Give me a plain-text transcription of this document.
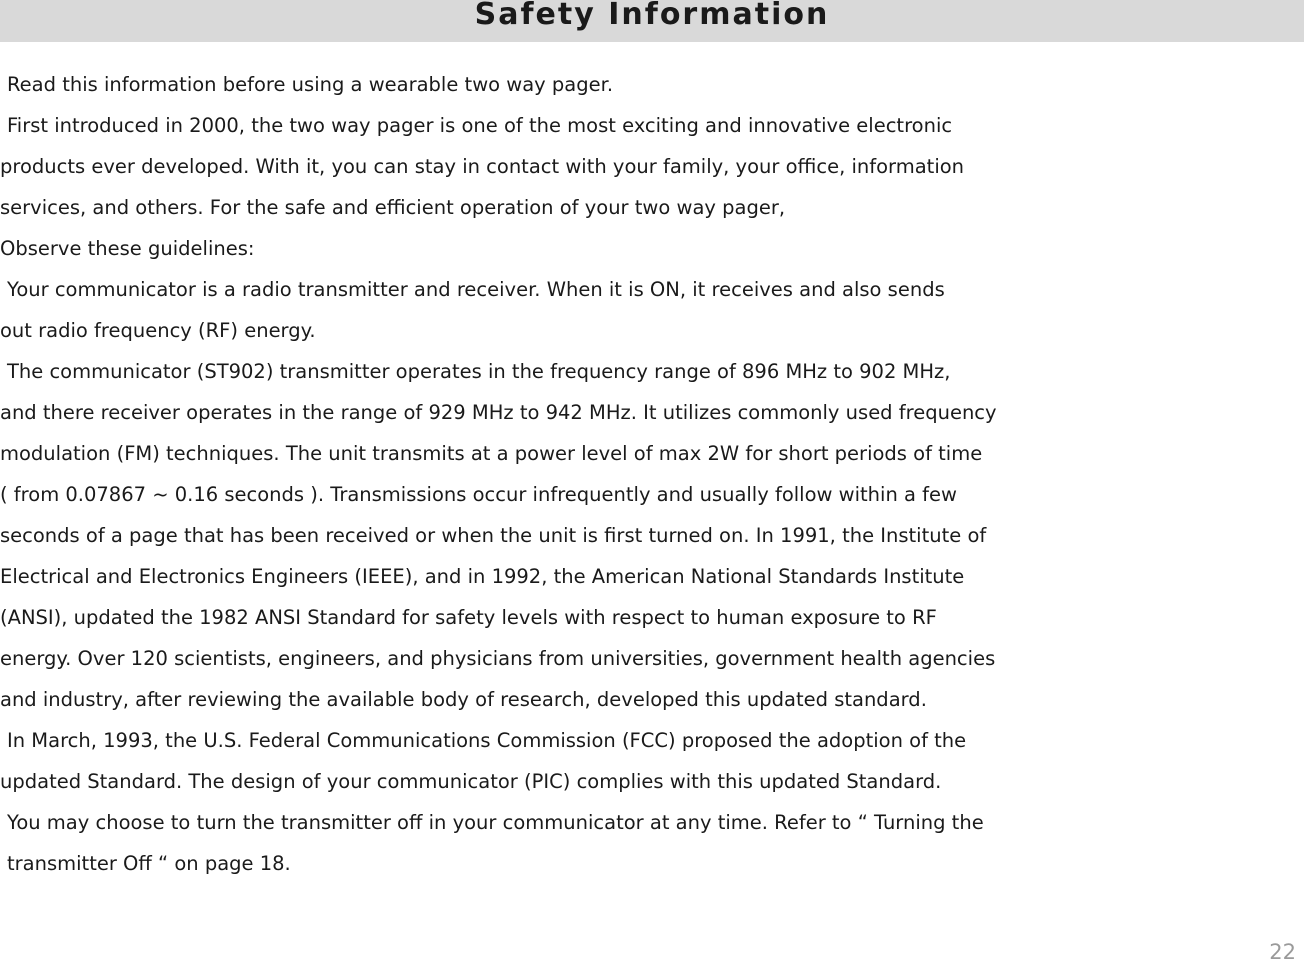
Safety Information
Read this information before using a wearable two way pager.
First introduced in 2000, the two way pager is one of the most exciting and innovative electronic
products ever developed. With it, you can stay in contact with your family, your office, information
services, and others. For the safe and efficient operation of your two way pager,
Observe these guidelines:
Your communicator is a radio transmitter and receiver. When it is ON, it receives and also sends
out radio frequency (RF) energy.
The communicator (ST902) transmitter operates in the frequency range of 896 MHz to 902 MHz,
and there receiver operates in the range of 929 MHz to 942 MHz. It utilizes commonly used frequency
modulation (FM) techniques. The unit transmits at a power level of max 2W for short periods of time
( from 0.07867 ~ 0.16 seconds ). Transmissions occur infrequently and usually follow within a few
seconds of a page that has been received or when the unit is first turned on. In 1991, the Institute of
Electrical and Electronics Engineers (IEEE), and in 1992, the American National Standards Institute
(ANSI), updated the 1982 ANSI Standard for safety levels with respect to human exposure to RF
energy. Over 120 scientists, engineers, and physicians from universities, government health agencies
and industry, after reviewing the available body of research, developed this updated standard.
In March, 1993, the U.S. Federal Communications Commission (FCC) proposed the adoption of the
updated Standard. The design of your communicator (PIC) complies with this updated Standard.
You may choose to turn the transmitter off in your communicator at any time. Refer to “ Turning the
transmitter Off “ on page 18.
22
